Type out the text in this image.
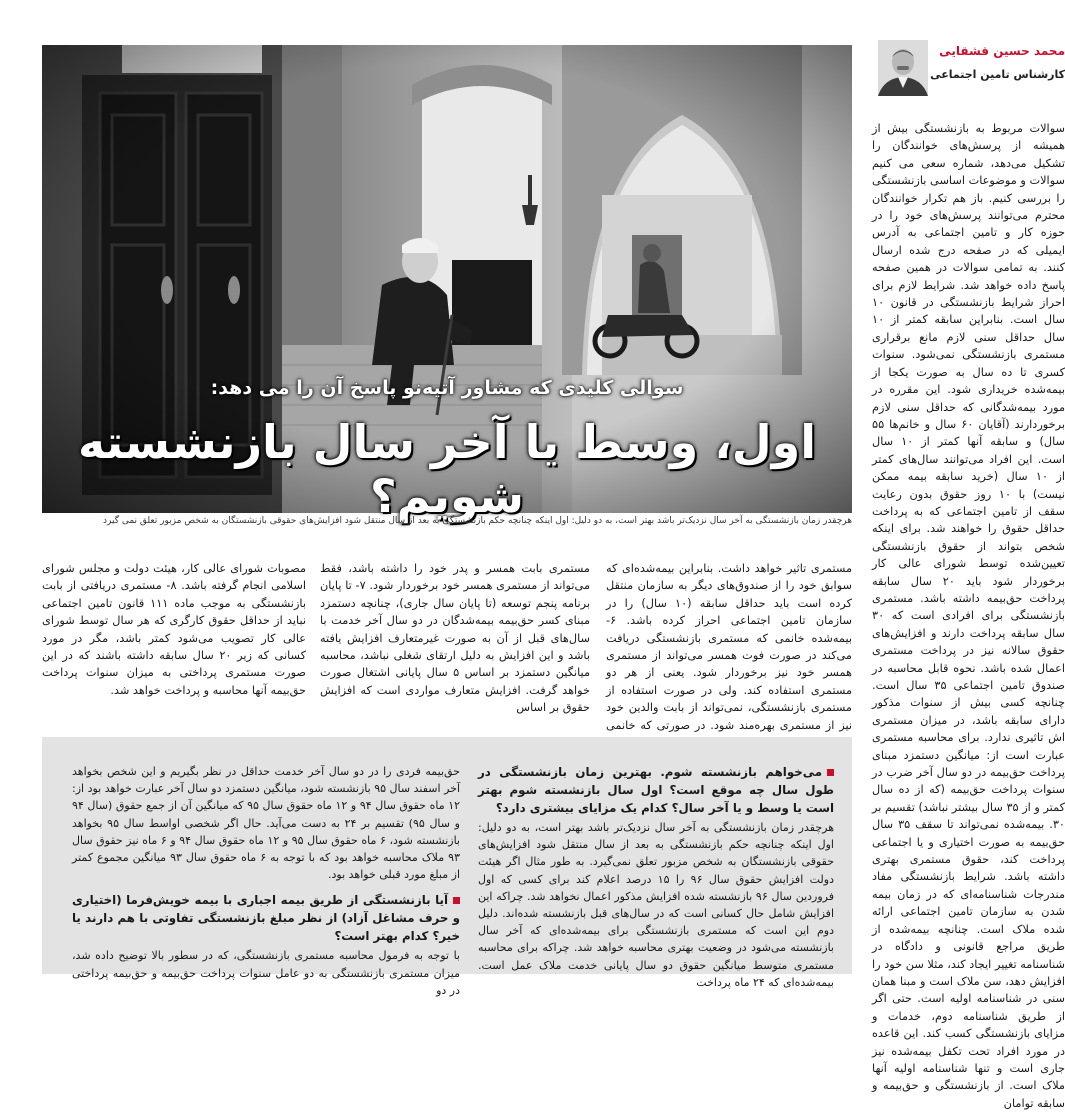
محمد حسین قشقایی
کارشناس تامین اجتماعی
سوالی کلیدی که مشاور آتیه‌نو پاسخ آن را می دهد:
اول، وسط یا آخر سال بازنشسته شویم؟
هرچقدر زمان بازنشستگی به آخر سال نزدیک‌تر باشد بهتر است، به دو دلیل: اول اینکه چنانچه حکم بازنشستگی به بعد از سال منتقل شود افزایش‌های حقوقی بازنشستگان به شخص مزبور تعلق نمی گیرد

سوالات مربوط به بازنشستگی بیش از همیشه از پرسش‌های خوانندگان را تشکیل می‌دهد، شماره سعی می کنیم سوالات و موضوعات اساسی بازنشستگی را بررسی کنیم. باز هم تکرار خوانندگان محترم می‌توانند پرسش‌های خود را در حوزه کار و تامین اجتماعی به آدرس ایمیلی که در صفحه درج شده ارسال کنند. به تمامی سوالات در همین صفحه پاسخ داده خواهد شد. شرایط لازم برای احراز شرایط بازنشستگی در قانون ۱۰ سال است. بنابراین سابقه کمتر از ۱۰ سال حداقل سنی لازم مانع برقراری مستمری بازنشستگی نمی‌شود. سنوات کسری تا ده سال به صورت یکجا از بیمه‌شده خریداری شود. این مقرره در مورد بیمه‌شدگانی که حداقل سنی لازم برخوردارند (آقایان ۶۰ سال و خانم‌ها ۵۵ سال) و سابقه آنها کمتر از ۱۰ سال است. این افراد می‌توانند سال‌های کمتر از ۱۰ سال (خرید سابقه بیمه ممکن نیست) با ۱۰ روز حقوق بدون رعایت سقف از تامین اجتماعی که به پرداخت حداقل حقوق را خواهند شد. برای اینکه شخص بتواند از حقوق بازنشستگی تعیین‌شده توسط شورای عالی کار برخوردار شود باید ۲۰ سال سابقه پرداخت حق‌بیمه داشته باشد. مستمری بازنشستگی برای افرادی است که ۳۰ سال سابقه پرداخت دارند و افزایش‌های حقوق سالانه نیز در پرداخت مستمری اعمال شده باشد. نحوه قابل محاسبه در صندوق تامین اجتماعی ۳۵ سال است. چنانچه کسی بیش از سنوات مذکور دارای سابقه باشد، در میزان مستمری اش تاثیری ندارد. برای محاسبه مستمری عبارت است از: میانگین دستمزد مبنای پرداخت حق‌بیمه در دو سال آخر ضرب در سنوات پرداخت حق‌بیمه (که از ده سال کمتر و از ۳۵ سال بیشتر نباشد) تقسیم بر ۳۰. بیمه‌شده نمی‌تواند تا سقف ۳۵ سال حق‌بیمه به صورت اختیاری و یا اجتماعی پرداخت کند، حقوق مستمری بهتری داشته باشد. شرایط بازنشستگی مفاد مندرجات شناسنامه‌ای که در زمان بیمه شدن به سازمان تامین اجتماعی ارائه شده ملاک است. چنانچه بیمه‌شده از طریق مراجع قانونی و دادگاه در شناسنامه تغییر ایجاد کند، مثلا سن خود را افزایش دهد، سن ملاک است و مبنا همان سنی در شناسنامه اولیه است. حتی اگر از طریق شناسنامه دوم، خدمات و مزایای بازنشستگی کسب کند. این قاعده در مورد افراد تحت تکفل بیمه‌شده نیز جاری است و تنها شناسنامه اولیه آنها ملاک است. از بازنشستگی و حق‌بیمه و سابقه توامان

مستمری تاثیر خواهد داشت. بنابراین بیمه‌شده‌ای که سوابق خود را از صندوق‌های دیگر به سازمان منتقل کرده است باید حداقل سابقه (۱۰ سال) را در سازمان تامین اجتماعی احراز کرده باشد. ۶- بیمه‌شده خانمی که مستمری بازنشستگی دریافت می‌کند در صورت فوت همسر می‌تواند از مستمری همسر خود نیز برخوردار شود. یعنی از هر دو مستمری استفاده کند. ولی در صورت استفاده از مستمری بازنشستگی، نمی‌تواند از بابت والدین خود نیز از مستمری بهره‌مند شود. در صورتی که خانمی

مستمری بابت همسر و پدر خود را داشته باشد، فقط می‌تواند از مستمری همسر خود برخوردار شود. ۷- تا پایان برنامه پنجم توسعه (تا پایان سال جاری)، چنانچه دستمزد مبنای کسر حق‌بیمه بیمه‌شدگان در دو سال آخر خدمت با سال‌های قبل از آن به صورت غیرمتعارف افزایش یافته باشد و این افزایش به دلیل ارتقای شغلی نباشد، محاسبه میانگین دستمزد بر اساس ۵ سال پایانی اشتغال صورت خواهد گرفت. افزایش متعارف مواردی است که افزایش حقوق بر اساس

مصوبات شورای عالی کار، هیئت دولت و مجلس شورای اسلامی انجام گرفته باشد. ۸- مستمری دریافتی از بابت بازنشستگی به موجب ماده ۱۱۱ قانون تامین اجتماعی نباید از حداقل حقوق کارگری که هر سال توسط شورای عالی کار تصویب می‌شود کمتر باشد، مگر در مورد کسانی که زیر ۲۰ سال سابقه داشته باشند که در این صورت مستمری پرداختی به میزان سنوات پرداخت حق‌بیمه آنها محاسبه و پرداخت خواهد شد.

می‌خواهم بازنشسته شوم. بهترین زمان بازنشستگی در طول سال چه موقع است؟ اول سال بازنشسته شوم بهتر است یا وسط و یا آخر سال؟ کدام یک مزایای بیشتری دارد؟
هرچقدر زمان بازنشستگی به آخر سال نزدیک‌تر باشد بهتر است، به دو دلیل: اول اینکه چنانچه حکم بازنشستگی به بعد از سال منتقل شود افزایش‌های حقوقی بازنشستگان به شخص مزبور تعلق نمی‌گیرد. به طور مثال اگر هیئت دولت افزایش حقوق سال ۹۶ را ۱۵ درصد اعلام کند برای کسی که اول فروردین سال ۹۶ بازنشسته شده افزایش مذکور اعمال نخواهد شد. چراکه این افزایش شامل حال کسانی است که در سال‌های قبل بازنشسته شده‌اند. دلیل دوم این است که مستمری بازنشستگی برای بیمه‌شده‌ای که آخر سال بازنشسته می‌شود در وضعیت بهتری محاسبه خواهد شد. چراکه برای محاسبه مستمری متوسط میانگین حقوق دو سال پایانی خدمت ملاک عمل است. بیمه‌شده‌ای که ۲۴ ماه پرداخت
حق‌بیمه فردی را در دو سال آخر خدمت حداقل در نظر بگیریم و این شخص بخواهد آخر اسفند سال ۹۵ بازنشسته شود، میانگین دستمزد دو سال آخر عبارت خواهد بود از: ۱۲ ماه حقوق سال ۹۴ و ۱۲ ماه حقوق سال ۹۵ که میانگین آن از جمع حقوق (سال ۹۴ و سال ۹۵) تقسیم بر ۲۴ به دست می‌آید. حال اگر شخصی اواسط سال ۹۵ بخواهد بازنشسته شود، ۶ ماه حقوق سال ۹۵ و ۱۲ ماه حقوق سال ۹۴ و ۶ ماه نیز حقوق سال ۹۳ ملاک محاسبه خواهد بود که با توجه به ۶ ماه حقوق سال ۹۳ میانگین مجموع کمتر از مبلغ مورد قبلی خواهد بود.
آیا بازنشستگی از طریق بیمه اجباری با بیمه خویش‌فرما (اختیاری و حرف مشاغل آزاد) از نظر مبلغ بازنشستگی تفاوتی با هم دارند یا خیر؟ کدام بهتر است؟
با توجه به فرمول محاسبه مستمری بازنشستگی، که در سطور بالا توضیح داده شد، میزان مستمری بازنشستگی به دو عامل سنوات پرداخت حق‌بیمه و حق‌بیمه پرداختی در دو
